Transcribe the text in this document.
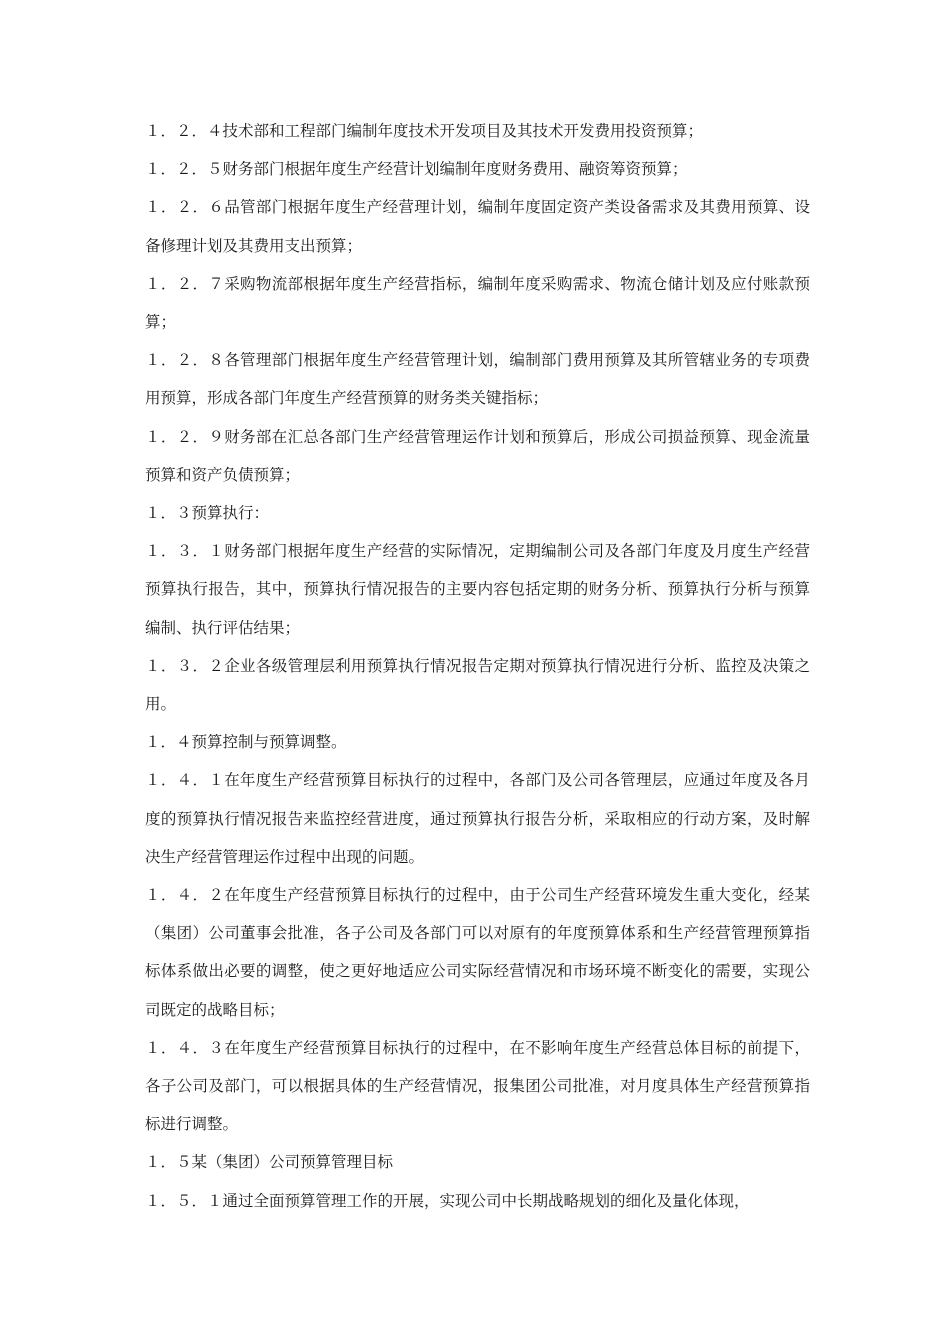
１．２．４技术部和工程部门编制年度技术开发项目及其技术开发费用投资预算；

１．２．５财务部门根据年度生产经营计划编制年度财务费用、融资筹资预算；

１．２．６品管部门根据年度生产经营理计划，编制年度固定资产类设备需求及其费用预算、设备修理计划及其费用支出预算；

１．２．７采购物流部根据年度生产经营指标，编制年度采购需求、物流仓储计划及应付账款预算；

１．２．８各管理部门根据年度生产经营管理计划，编制部门费用预算及其所管辖业务的专项费用预算，形成各部门年度生产经营预算的财务类关键指标；

１．２．９财务部在汇总各部门生产经营管理运作计划和预算后，形成公司损益预算、现金流量预算和资产负债预算；

１．３预算执行：

１．３．１财务部门根据年度生产经营的实际情况，定期编制公司及各部门年度及月度生产经营预算执行报告，其中，预算执行情况报告的主要内容包括定期的财务分析、预算执行分析与预算编制、执行评估结果；

１．３．２企业各级管理层利用预算执行情况报告定期对预算执行情况进行分析、监控及决策之用。

１．４预算控制与预算调整。

１．４．１在年度生产经营预算目标执行的过程中，各部门及公司各管理层，应通过年度及各月度的预算执行情况报告来监控经营进度，通过预算执行报告分析，采取相应的行动方案，及时解决生产经营管理运作过程中出现的问题。

１．４．２在年度生产经营预算目标执行的过程中，由于公司生产经营环境发生重大变化，经某（集团）公司董事会批准，各子公司及各部门可以对原有的年度预算体系和生产经营管理预算指标体系做出必要的调整，使之更好地适应公司实际经营情况和市场环境不断变化的需要，实现公司既定的战略目标；

１．４．３在年度生产经营预算目标执行的过程中，在不影响年度生产经营总体目标的前提下，各子公司及部门，可以根据具体的生产经营情况，报集团公司批准，对月度具体生产经营预算指标进行调整。

１．５某（集团）公司预算管理目标

１．５．１通过全面预算管理工作的开展，实现公司中长期战略规划的细化及量化体现，
